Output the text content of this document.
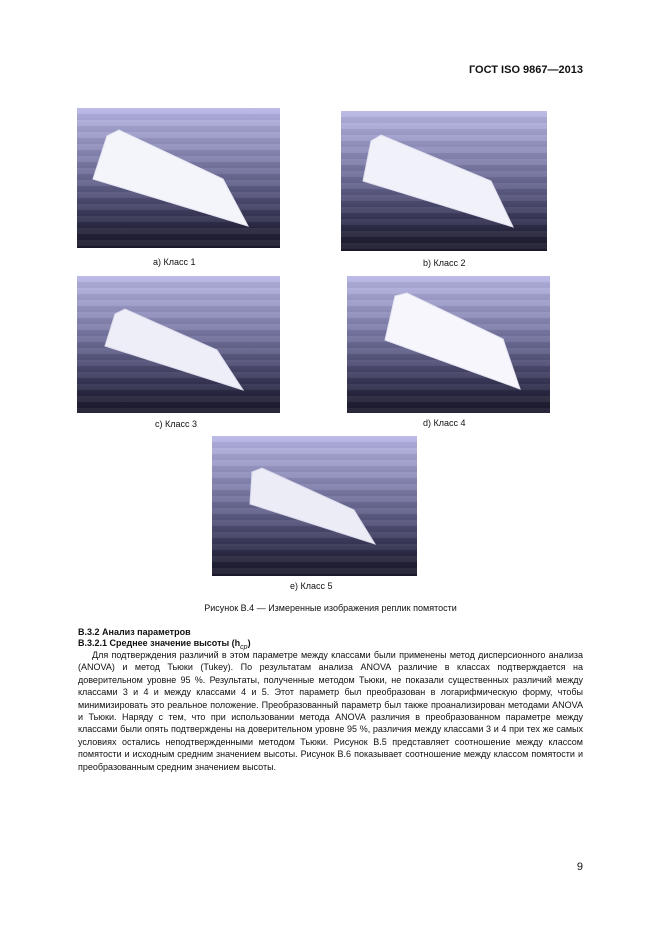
ГОСТ ISO 9867—2013
a) Класс 1	b) Класс 2
c) Класс 3	d) Класс 4
e) Класс 5
Рисунок В.4 — Измеренные изображения реплик помятости
В.3.2 Анализ параметров
В.3.2.1 Среднее значение высоты $(h_{ср})$

Для подтверждения различий в этом параметре между классами были применены метод дисперсионного анализа (ANOVA) и метод Тьюки (Tukey). По результатам анализа ANOVA различие в классах подтверждается на доверительном уровне 95 %. Результаты, полученные методом Тьюки, не показали существенных различий между классами 3 и 4 и между классами 4 и 5. Этот параметр был преобразован в логарифмическую форму, чтобы минимизировать это реальное положение. Преобразованный параметр был также проанализирован методами ANOVA и Тьюки. Наряду с тем, что при использовании метода ANOVA различия в преобразованном параметре между классами были опять подтверждены на доверительном уровне 95 %, различия между классами 3 и 4 при тех же самых условиях остались неподтвержденными методом Тьюки. Рисунок В.5 представляет соотношение между классом помятости и исходным средним значением высоты. Рисунок В.6 показывает соотношение между классом помятости и преобразованным средним значением высоты.

9
